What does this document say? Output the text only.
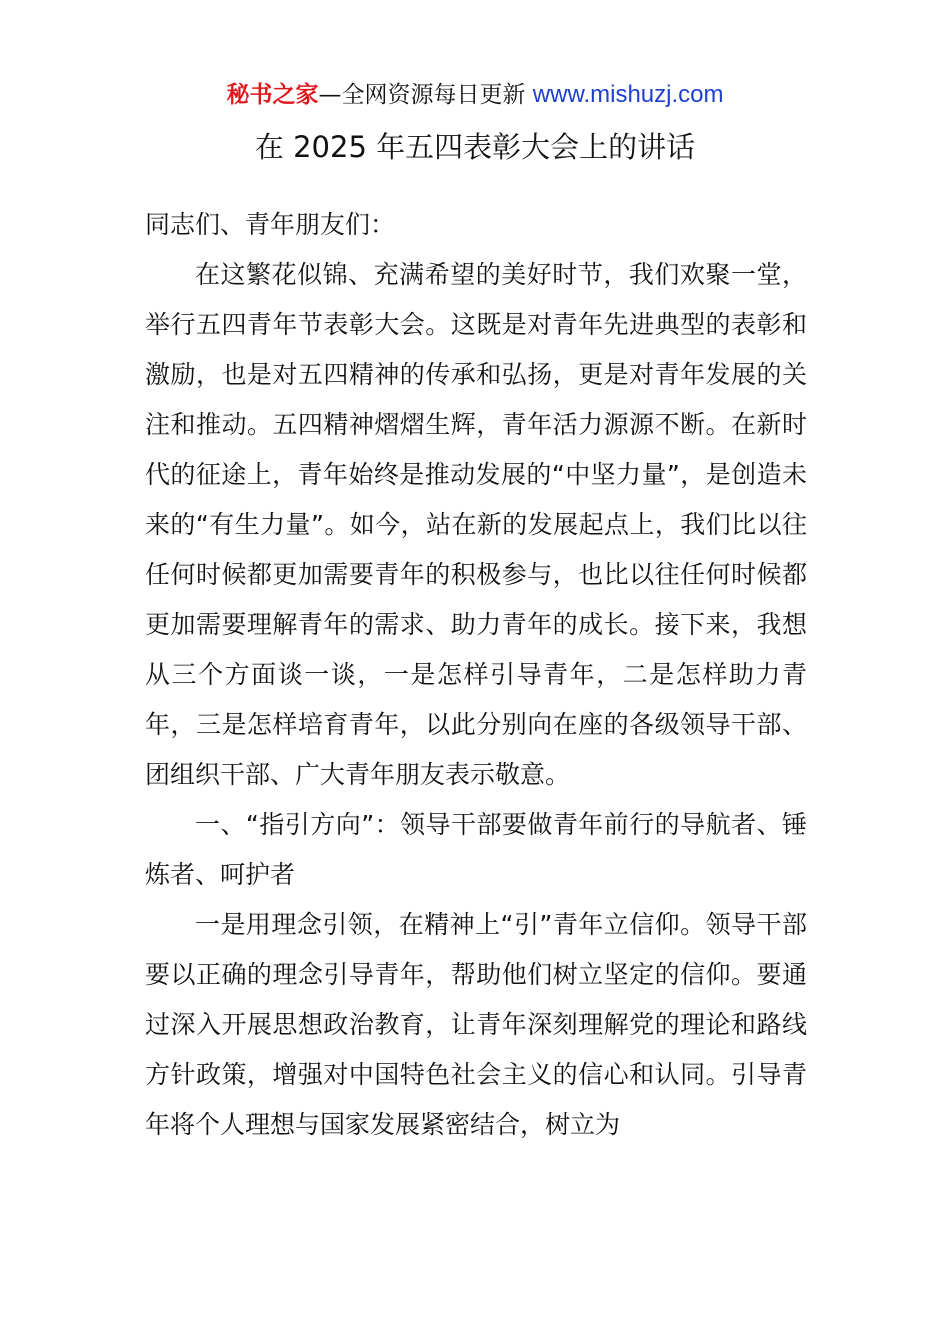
秘书之家—全网资源每日更新 www.mishuzj.com
在 2025 年五四表彰大会上的讲话

同志们、青年朋友们：

在这繁花似锦、充满希望的美好时节，我们欢聚一堂，举行五四青年节表彰大会。这既是对青年先进典型的表彰和激励，也是对五四精神的传承和弘扬，更是对青年发展的关注和推动。五四精神熠熠生辉，青年活力源源不断。在新时代的征途上，青年始终是推动发展的“中坚力量”，是创造未来的“有生力量”。如今，站在新的发展起点上，我们比以往任何时候都更加需要青年的积极参与，也比以往任何时候都更加需要理解青年的需求、助力青年的成长。接下来，我想从三个方面谈一谈，一是怎样引导青年，二是怎样助力青年，三是怎样培育青年，以此分别向在座的各级领导干部、团组织干部、广大青年朋友表示敬意。

一、“指引方向”：领导干部要做青年前行的导航者、锤炼者、呵护者

一是用理念引领，在精神上“引”青年立信仰。领导干部要以正确的理念引导青年，帮助他们树立坚定的信仰。要通过深入开展思想政治教育，让青年深刻理解党的理论和路线方针政策，增强对中国特色社会主义的信心和认同。引导青年将个人理想与国家发展紧密结合，树立为
